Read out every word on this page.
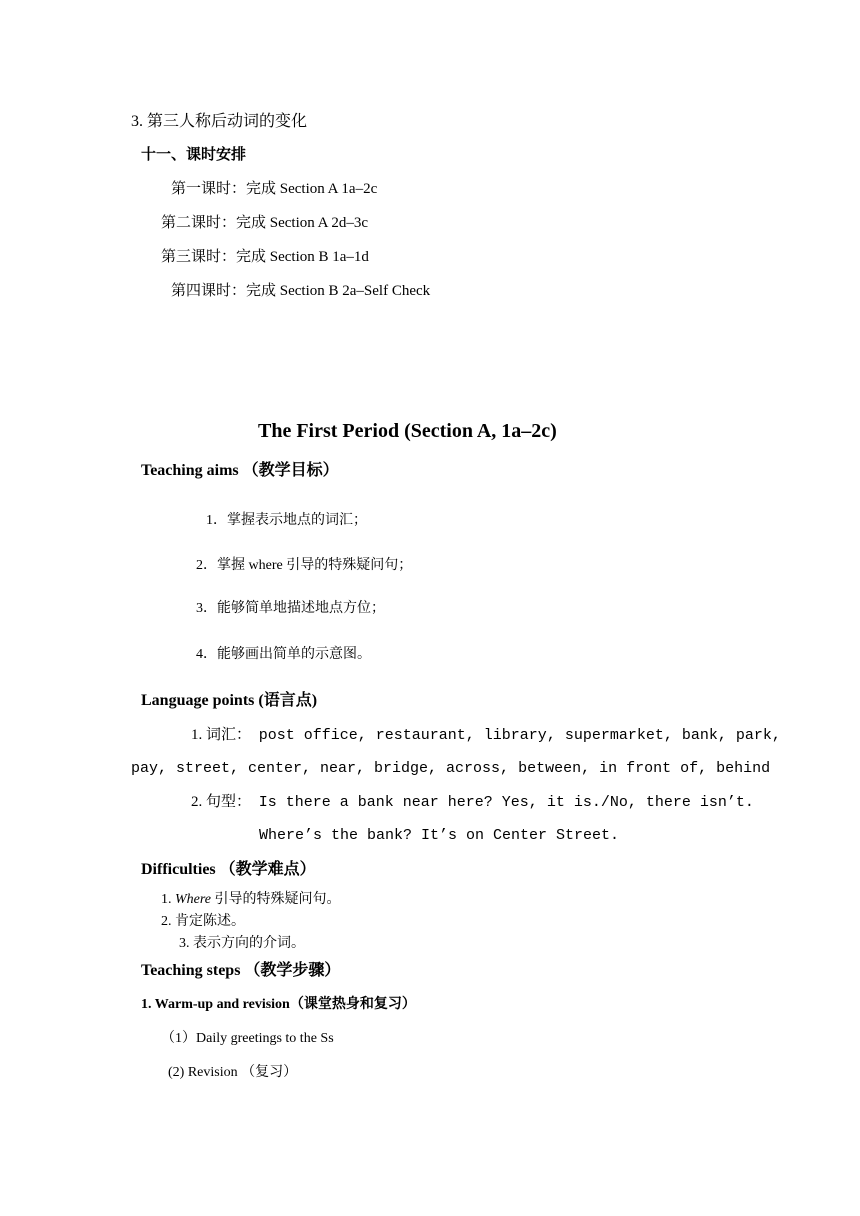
3. 第三人称后动词的变化
十一、课时安排
第一课时：完成 Section A 1a–2c
第二课时：完成 Section A 2d–3c
第三课时：完成 Section B 1a–1d
第四课时：完成 Section B 2a–Self Check
The First Period (Section A, 1a–2c)
Teaching aims （教学目标）
1．掌握表示地点的词汇；
2．掌握 where 引导的特殊疑问句；
3．能够简单地描述地点方位；
4．能够画出简单的示意图。
Language points (语言点)
1. 词汇： post office, restaurant, library, supermarket, bank, park,
pay, street, center, near, bridge, across, between, in front of, behind
2. 句型： Is there a bank near here? Yes, it is./No, there isn’t.
Where’s the bank? It’s on Center Street.
Difficulties （教学难点）
1. Where 引导的特殊疑问句。
2. 肯定陈述。
3. 表示方向的介词。
Teaching steps （教学步骤）
1. Warm-up and revision（课堂热身和复习）
（1）Daily greetings to the Ss
(2) Revision （复习）
